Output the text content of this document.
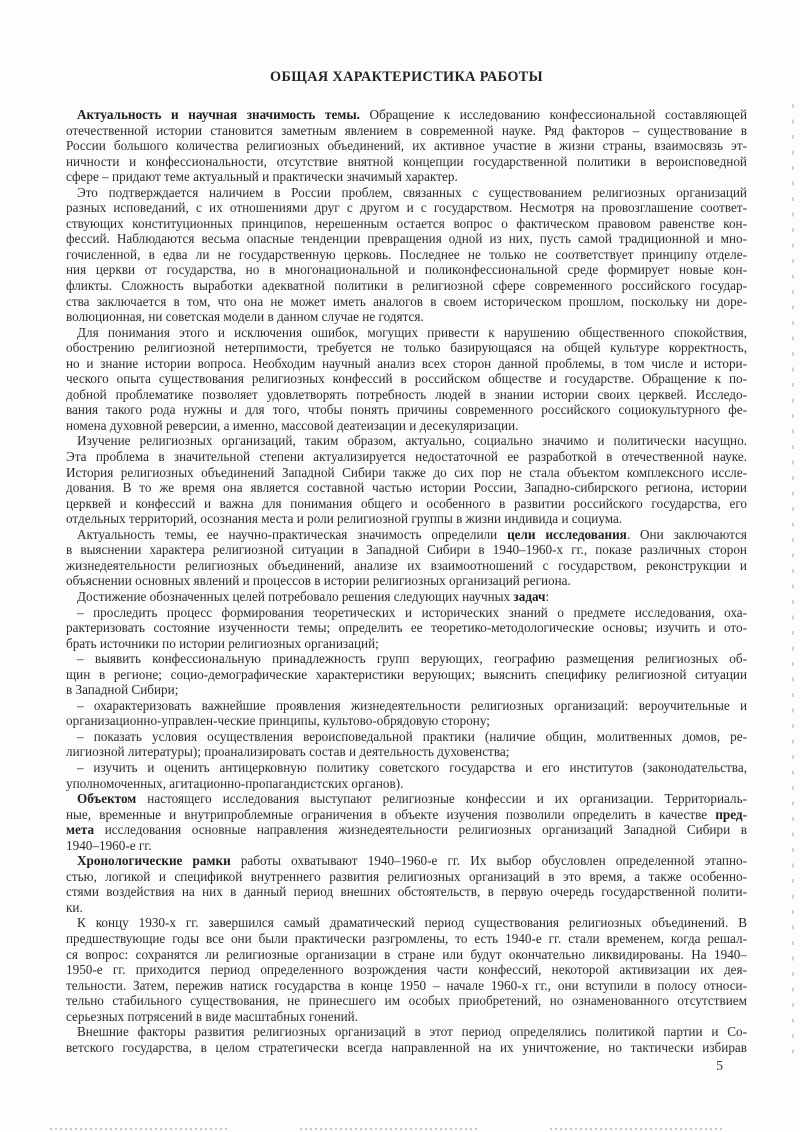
ОБЩАЯ ХАРАКТЕРИСТИКА РАБОТЫ
Актуальность и научная значимость темы. Обращение к исследованию конфессиональной составляющей
отечественной истории становится заметным явлением в современной науке. Ряд факторов – существование в
России большого количества религиозных объединений, их активное участие в жизни страны, взаимосвязь эт-
ничности и конфессиональности, отсутствие внятной концепции государственной политики в вероисповедной
сфере – придают теме актуальный и практически значимый характер.
Это подтверждается наличием в России проблем, связанных с существованием религиозных организаций
разных исповеданий, с их отношениями друг с другом и с государством. Несмотря на провозглашение соответ-
ствующих конституционных принципов, нерешенным остается вопрос о фактическом правовом равенстве кон-
фессий. Наблюдаются весьма опасные тенденции превращения одной из них, пусть самой традиционной и мно-
гочисленной, в едва ли не государственную церковь. Последнее не только не соответствует принципу отделе-
ния церкви от государства, но в многонациональной и поликонфессиональной среде формирует новые кон-
фликты. Сложность выработки адекватной политики в религиозной сфере современного российского государ-
ства заключается в том, что она не может иметь аналогов в своем историческом прошлом, поскольку ни доре-
волюционная, ни советская модели в данном случае не годятся.
Для понимания этого и исключения ошибок, могущих привести к нарушению общественного спокойствия,
обострению религиозной нетерпимости, требуется не только базирующаяся на общей культуре корректность,
но и знание истории вопроса. Необходим научный анализ всех сторон данной проблемы, в том числе и истори-
ческого опыта существования религиозных конфессий в российском обществе и государстве. Обращение к по-
добной проблематике позволяет удовлетворять потребность людей в знании истории своих церквей. Исследо-
вания такого рода нужны и для того, чтобы понять причины современного российского социокультурного фе-
номена духовной реверсии, а именно, массовой деатеизации и десекуляризации.
Изучение религиозных организаций, таким образом, актуально, социально значимо и политически насущно.
Эта проблема в значительной степени актуализируется недостаточной ее разработкой в отечественной науке.
История религиозных объединений Западной Сибири также до сих пор не стала объектом комплексного иссле-
дования. В то же время она является составной частью истории России, Западно-сибирского региона, истории
церквей и конфессий и важна для понимания общего и особенного в развитии российского государства, его
отдельных территорий, осознания места и роли религиозной группы в жизни индивида и социума.
Актуальность темы, ее научно-практическая значимость определили цели исследования. Они заключаются
в выяснении характера религиозной ситуации в Западной Сибири в 1940–1960-х гг., показе различных сторон
жизнедеятельности религиозных объединений, анализе их взаимоотношений с государством, реконструкции и
объяснении основных явлений и процессов в истории религиозных организаций региона.
Достижение обозначенных целей потребовало решения следующих научных задач:
– проследить процесс формирования теоретических и исторических знаний о предмете исследования, оха-
рактеризовать состояние изученности темы; определить ее теоретико-методологические основы; изучить и ото-
брать источники по истории религиозных организаций;
– выявить конфессиональную принадлежность групп верующих, географию размещения религиозных об-
щин в регионе; социо-демографические характеристики верующих; выяснить специфику религиозной ситуации
в Западной Сибири;
– охарактеризовать важнейшие проявления жизнедеятельности религиозных организаций: вероучительные и
организационно-управлен-ческие принципы, культово-обрядовую сторону;
– показать условия осуществления вероисповедальной практики (наличие общин, молитвенных домов, ре-
лигиозной литературы); проанализировать состав и деятельность духовенства;
– изучить и оценить антицерковную политику советского государства и его институтов (законодательства,
уполномоченных, агитационно-пропагандистских органов).
Объектом настоящего исследования выступают религиозные конфессии и их организации. Территориаль-
ные, временные и внутрипроблемные ограничения в объекте изучения позволили определить в качестве пред-
мета исследования основные направления жизнедеятельности религиозных организаций Западной Сибири в
1940–1960-е гг.
Хронологические рамки работы охватывают 1940–1960-е гг. Их выбор обусловлен определенной этапно-
стью, логикой и спецификой внутреннего развития религиозных организаций в это время, а также особенно-
стями воздействия на них в данный период внешних обстоятельств, в первую очередь государственной полити-
ки.
К концу 1930-х гг. завершился самый драматический период существования религиозных объединений. В
предшествующие годы все они были практически разгромлены, то есть 1940-е гг. стали временем, когда решал-
ся вопрос: сохранятся ли религиозные организации в стране или будут окончательно ликвидированы. На 1940–
1950-е гг. приходится период определенного возрождения части конфессий, некоторой активизации их дея-
тельности. Затем, пережив натиск государства в конце 1950 – начале 1960-х гг., они вступили в полосу относи-
тельно стабильного существования, не принесшего им особых приобретений, но ознаменованного отсутствием
серьезных потрясений в виде масштабных гонений.
Внешние факторы развития религиозных организаций в этот период определялись политикой партии и Со-
ветского государства, в целом стратегически всегда направленной на их уничтожение, но тактически избирав
5
